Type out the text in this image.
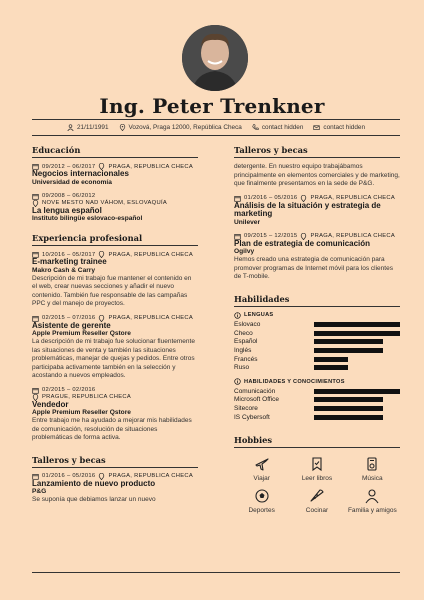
Ing. Peter Trenkner
21/11/1991	Vozová, Praga 12000, República Checa	contact hidden	contact hidden
Educación
09/2012 – 06/2017 PRAGA, REPUBLICA CHECA
Negocios internacionales
Universidad de economía
09/2008 – 06/2012
NOVE MESTO NAD VÁHOM, ESLOVAQUÍA
La lengua español
Instituto bilingüe eslovaco-español
Experiencia profesional
10/2016 – 05/2017 PRAGA, REPUBLICA CHECA
E-marketing trainee
Makro Cash & Carry
Descripción de mi trabajo fue mantener el contenido en el web, crear nuevas secciones y añadir el nuevo contenido. También fue responsable de las campañas PPC y del manejo de proyectos.
02/2015 – 07/2016 PRAGA, REPUBLICA CHECA
Asistente de gerente
Apple Premium Reseller Qstore
La descripción de mi trabajo fue solucionar fluentemente las situaciones de venta y también las situaciones problemáticas, manejar de quejas y pedidos. Entre otros participaba activamente también en la selección y acostando a nuevos empleados.
02/2015 – 02/2016
PRAGUE, REPUBLICA CHECA
Vendedor
Apple Premium Reseller Qstore
Entre trabajo me ha ayudado a mejorar mis habilidades de comunicación, resolución de situaciones problemáticas de forma activa.
Talleros y becas
01/2016 – 05/2016 PRAGA, REPUBLICA CHECA
Lanzamiento de nuevo producto
P&G
Se suponía que debiamos lanzar un nuevo
Talleros y becas
detergente. En nuestro equipo trabajábamos principalmente en elementos comerciales y de marketing, que finalmente presentamos en la sede de P&G.
01/2016 – 05/2016 PRAGA, REPUBLICA CHECA
Análisis de la situación y estrategia de marketing
Unilever
09/2015 – 12/2015 PRAGA, REPUBLICA CHECA
Plan de estrategia de comunicación
Ogilvy
Hemos creado una estrategia de comunicación para promover programas de Internet móvil para los clientes de T-mobile.
Habilidades
LENGUAS
Eslovaco
Checo
Español
Inglés
Francés
Ruso
HABILIDADES Y CONOCIMIENTOS
Comunicación
Microsoft Office
Sitecore
IS Cybersoft
Hobbies
Viajar	Leer libros	Música
Deportes	Cocinar	Familia y amigos
